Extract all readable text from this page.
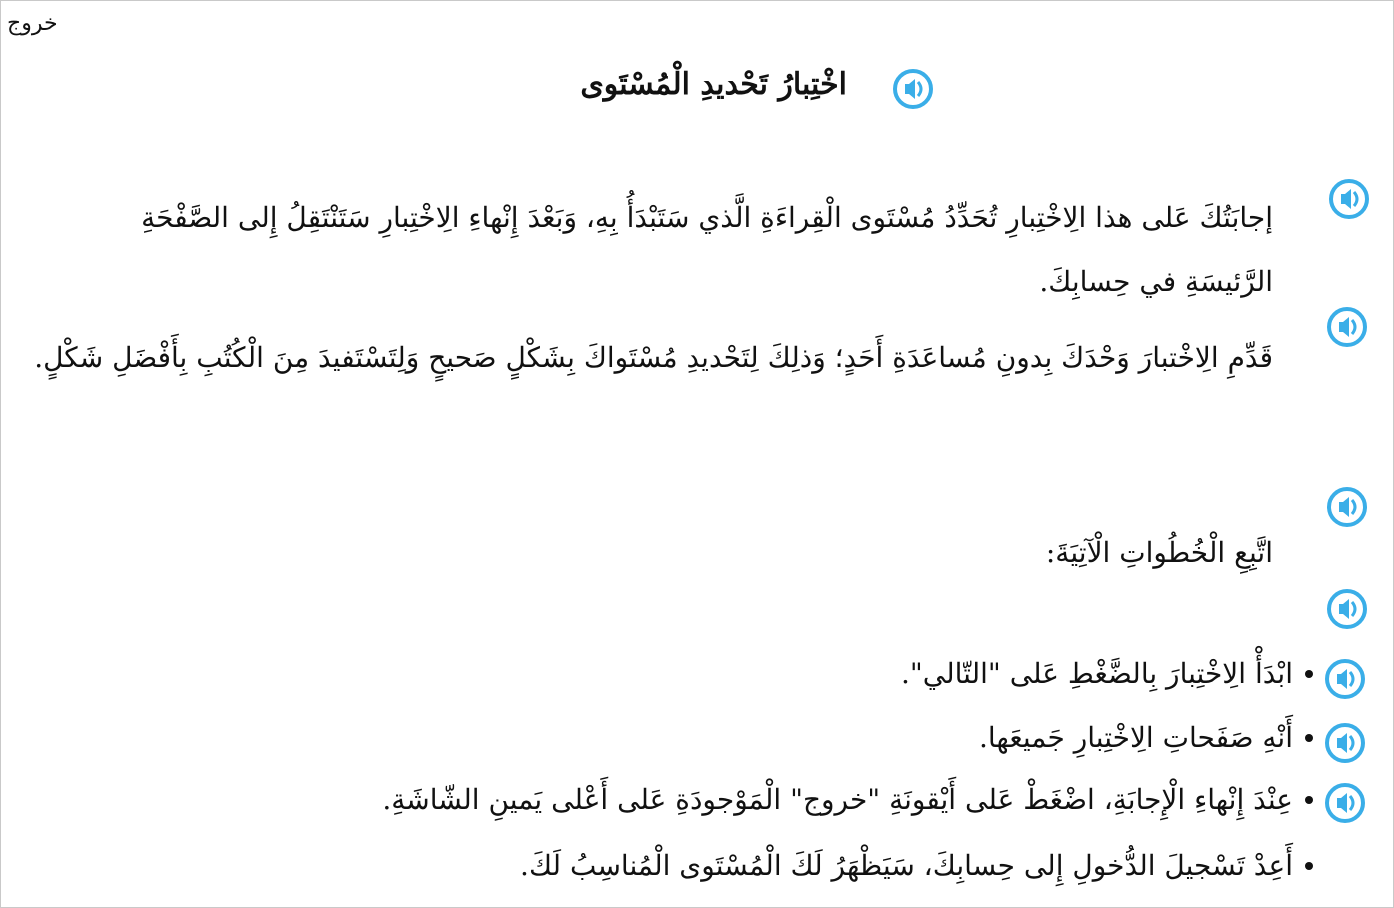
خروج
اخْتِبارُ تَحْديدِ الْمُسْتَوى
إجابَتُكَ عَلى هذا الِاخْتِبارِ تُحَدِّدُ مُسْتَوى الْقِراءَةِ الَّذي سَتَبْدَأُ بِهِ، وَبَعْدَ إِنْهاءِ الِاخْتِبارِ سَتَنْتَقِلُ إِلى الصَّفْحَةِ الرَّئيسَةِ في حِسابِكَ.
قَدِّمِ الِاخْتبارَ وَحْدَكَ بِدونِ مُساعَدَةِ أَحَدٍ؛ وَذلِكَ لِتَحْديدِ مُسْتَواكَ بِشَكْلٍ صَحيحٍ وَلِتَسْتَفيدَ مِنَ الْكُتُبِ بِأَفْضَلِ شَكْلٍ.
اتَّبِعِ الْخُطُواتِ الْآتِيَةَ:
ابْدَأْ الِاخْتِبارَ بِالضَّغْطِ عَلى "التّالي".
أَنْهِ صَفَحاتِ الِاخْتِبارِ جَميعَها.
عِنْدَ إِنْهاءِ الْإِجابَةِ، اضْغَطْ عَلى أَيْقونَةِ "خروج" الْمَوْجودَةِ عَلى أَعْلى يَمينِ الشّاشَةِ.
أَعِدْ تَسْجيلَ الدُّخولِ إِلى حِسابِكَ، سَيَظْهَرُ لَكَ الْمُسْتَوى الْمُناسِبُ لَكَ.
